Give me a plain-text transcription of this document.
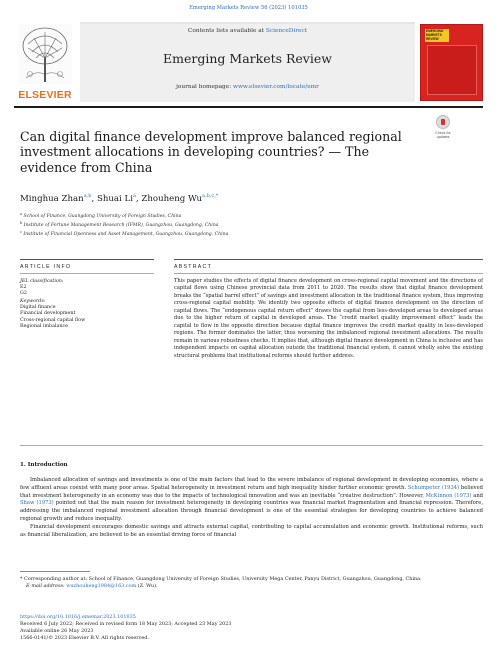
Emerging Markets Review 56 (2023) 101035
ELSEVIER
Contents lists available at ScienceDirect
Emerging Markets Review
journal homepage: www.elsevier.com/locate/emr
EMERGING MARKETS REVIEW
Can digital finance development improve balanced regional investment allocations in developing countries? — The evidence from China
Check for
updates
Minghua Zhan$^{a,b}$, Shuai Li$^a$, Zhouheng $Wu^{a,b,c,*}$
$^a$ School of Finance, Guangdong University of Foreign Studies, China
$^b$ Institute of Fortune Management Research (IFMR), Guangzhou, Guangdong, China
$^c$ Institute of Financial Openness and Asset Management, Guangzhou, Guangdong, China
ARTICLE INFO	ABSTRACT
JEL classification:
E2
G2
Keywords:
Digital finance
Financial development
Cross-regional capital flow
Regional imbalance
This paper studies the effects of digital finance development on cross-regional capital movement and the directions of capital flows using Chinese provincial data from 2011 to 2020. The results show that digital finance development breaks the “spatial barrel effect” of savings and investment allocation in the traditional finance system, thus improving cross-regional capital mobility. We identify two opposite effects of digital finance development on the direction of capital flows. The “endogenous capital return effect” draws the capital from less-developed areas to developed areas due to the higher return of capital in developed areas. The “credit market quality improvement effect” leads the capital to flow in the opposite direction because digital finance improves the credit market quality in less-developed regions. The former dominates the latter, thus worsening the imbalanced regional investment allocations. The results remain in various robustness checks. It implies that, although digital finance development in China is inclusive and has independent impacts on capital allocation outside the traditional financial system, it cannot wholly solve the existing structural problems that institutional reforms should further address.
1. Introduction

Imbalanced allocation of savings and investments is one of the main factors that lead to the severe imbalance of regional development in developing economies, where a few affluent areas coexist with many poor areas. Spatial heterogeneity in investment return and high inequality hinder further economic growth. Schumpeter (1934) believed that investment heterogeneity in an economy was due to the impacts of technological innovation and was an inevitable “creative destruction”. However, McKinnon (1973) and Shaw (1973) pointed out that the main reason for investment heterogeneity in developing countries was financial market fragmentation and financial repression. Therefore, addressing the imbalanced regional investment allocation through financial development is one of the essential strategies for developing countries to achieve balanced regional growth and reduce inequality.

Financial development encourages domestic savings and attracts external capital, contributing to capital accumulation and economic growth. Institutional reforms, such as financial liberalization, are believed to be an essential driving force of financial

* Corresponding author at: School of Finance, Guangdong University of Foreign Studies, University Mega Center, Panyu District, Guangzhou, Guangdong, China.
E-mail address: wuzhouheng1984@163.com (Z. Wu).
https://doi.org/10.1016/j.ememar.2023.101035
Received 6 July 2022; Received in revised form 18 May 2023; Accepted 23 May 2023
Available online 26 May 2023
1566-0141/© 2023 Elsevier B.V. All rights reserved.
